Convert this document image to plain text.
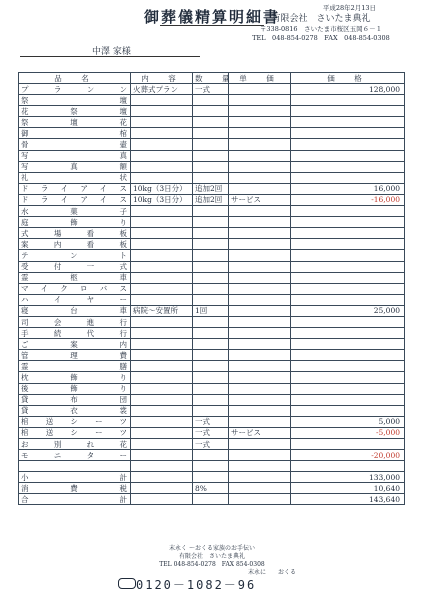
御葬儀精算明細書	平成28年2月13日
有限会社　さいたま典礼
〒338-0816　さいたま市桜区玉岡６－１
TEL　048-854-0278　FAX　048-854-0308
中澤 家様
品　名	内　容	数　量	単　価	価　格
プランン	火葬式プラン	一式		128,000
祭壇				
花祭壇				
祭壇花				
御棺				
骨壷				
写真				
写真額				
礼状				
ドライアイス	10kg（3日分）	追加2回		16,000
ドライアイス	10kg（3日分）	追加2回	サービス	-16,000
水菓子				
庭飾り				
式場看板				
案内看板				
テント				
受付一式				
霊柩車				
マイクロバス				
ハイヤー				
寝台車	病院～安置所	1回		25,000
司会進行				
手続代行				
ご案内				
管理費				
霊膳				
枕飾り				
後飾り				
貸布団				
貸衣裳				
棺送シーツ		一式		5,000
棺送シーツ		一式	サービス	-5,000
お別れ花		一式		
モニター				-20,000

小計				133,000
消費税		8%		10,640
合計				143,640
末永く ～おくる家族のお手伝い
有限会社　さいたま典礼
TEL 048-854-0278　FAX 854-0308
末永に　　おくる
0120－1082－96
